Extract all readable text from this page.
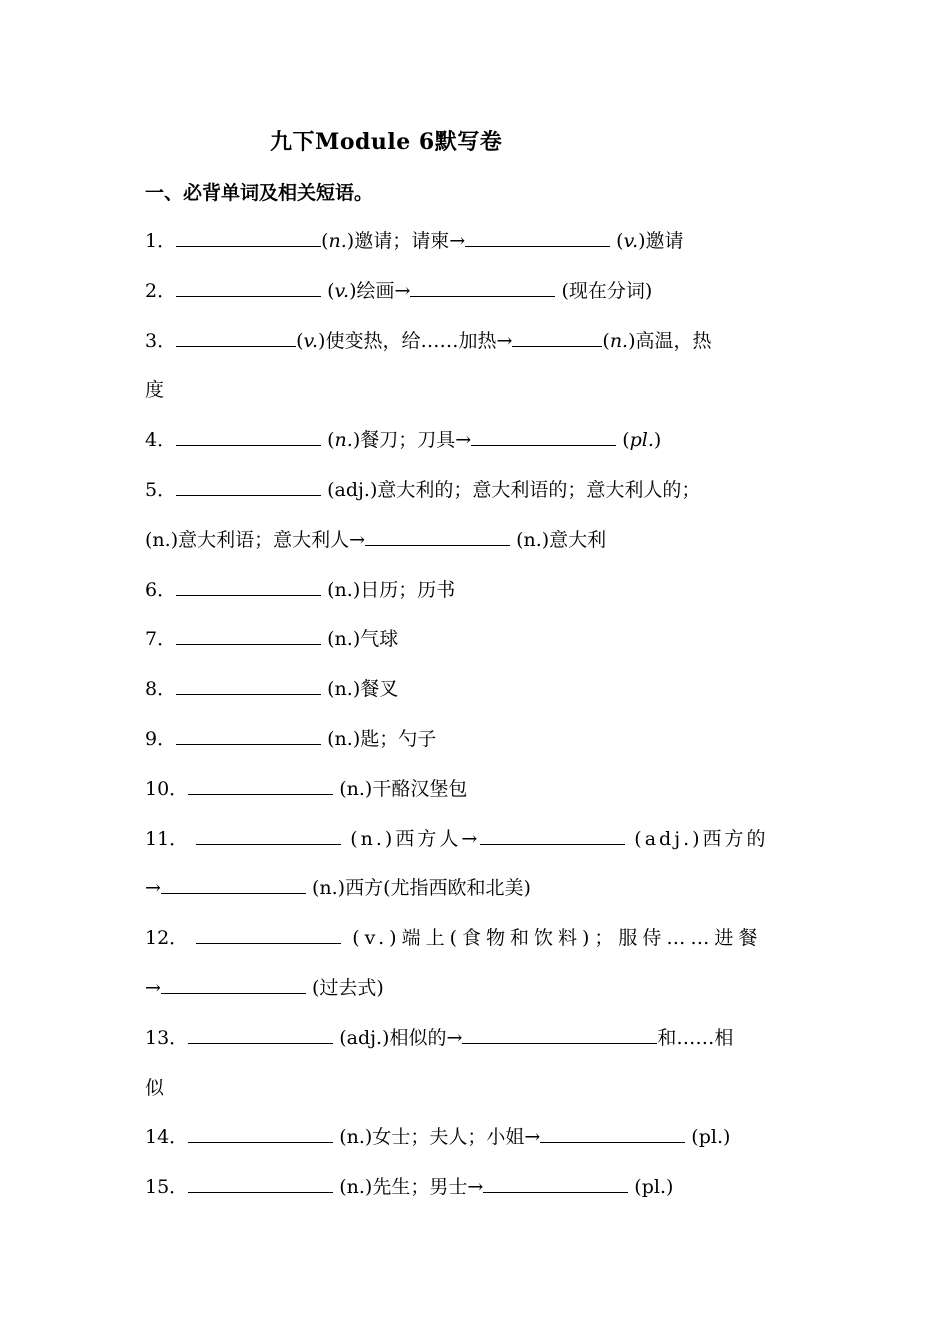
九下Module 6默写卷
一、必背单词及相关短语。
1．	(n.)邀请；请柬→	(v.)邀请
2．	(v.)绘画→	(现在分词)
3．	(v.)使变热，给……加热→	(n.)高温，热
度
4．	(n.)餐刀；刀具→	(pl.)
5．	(adj.)意大利的；意大利语的；意大利人的；
(n.)意大利语；意大利人→	(n.)意大利
6．	(n.)日历；历书
7．	(n.)气球
8．	(n.)餐叉
9．	(n.)匙；勺子
10．	(n.)干酪汉堡包
11．	(n.)西方人→	(adj.)西方的
→	(n.)西方(尤指西欧和北美)
12．	(v.)端上(食物和饮料)；服侍……进餐
→	(过去式)
13．	(adj.)相似的→	和……相
似
14．	(n.)女士；夫人；小姐→	(pl.)
15．	(n.)先生；男士→	(pl.)
